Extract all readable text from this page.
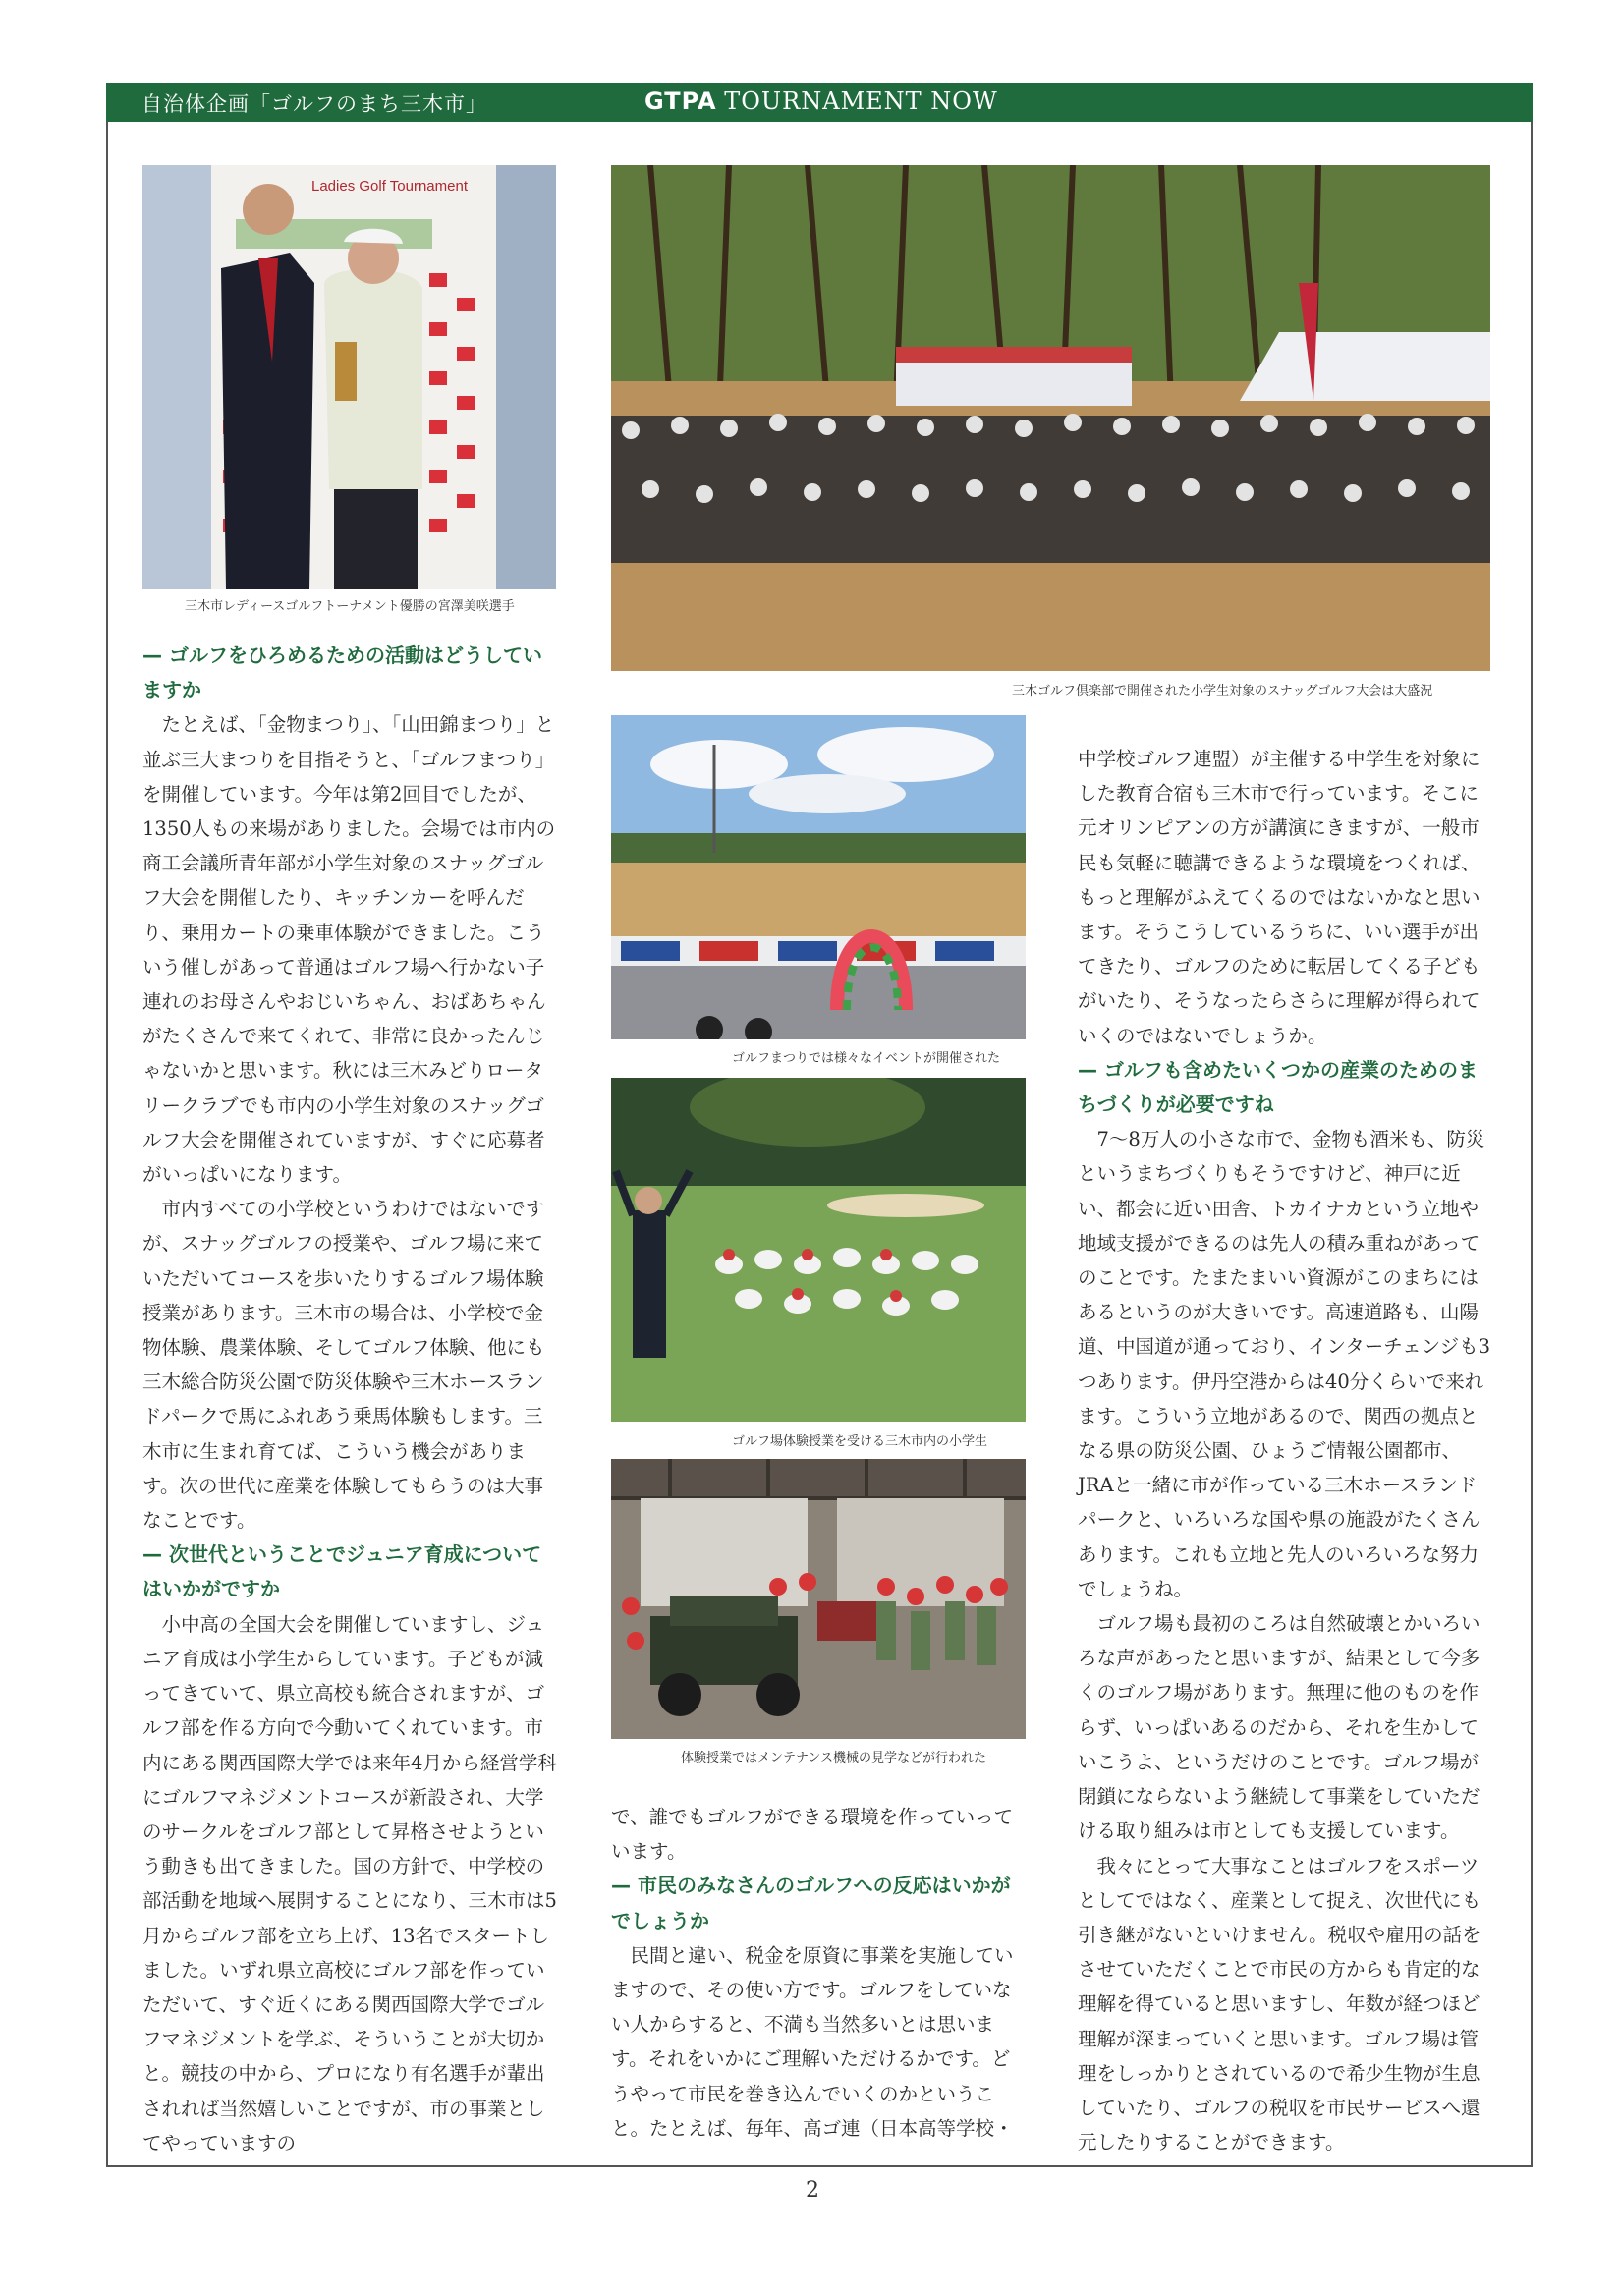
自治体企画「ゴルフのまち三木市」	GTPA TOURNAMENT NOW
Ladies Golf Tournament
三木市レディースゴルフトーナメント優勝の宮澤美咲選手
三木ゴルフ倶楽部で開催された小学生対象のスナッグゴルフ大会は大盛況
ゴルフまつりでは様々なイベントが開催された
ゴルフ場体験授業を受ける三木市内の小学生
体験授業ではメンテナンス機械の見学などが行われた
— ゴルフをひろめるための活動はどうしていますか

たとえば、「金物まつり」、「山田錦まつり」と並ぶ三大まつりを目指そうと、「ゴルフまつり」を開催しています。今年は第2回目でしたが、1350人もの来場がありました。会場では市内の商工会議所青年部が小学生対象のスナッグゴルフ大会を開催したり、キッチンカーを呼んだり、乗用カートの乗車体験ができました。こういう催しがあって普通はゴルフ場へ行かない子連れのお母さんやおじいちゃん、おばあちゃんがたくさんで来てくれて、非常に良かったんじゃないかと思います。秋には三木みどりロータリークラブでも市内の小学生対象のスナッグゴルフ大会を開催されていますが、すぐに応募者がいっぱいになります。

市内すべての小学校というわけではないですが、スナッグゴルフの授業や、ゴルフ場に来ていただいてコースを歩いたりするゴルフ場体験授業があります。三木市の場合は、小学校で金物体験、農業体験、そしてゴルフ体験、他にも三木総合防災公園で防災体験や三木ホースランドパークで馬にふれあう乗馬体験もします。三木市に生まれ育てば、こういう機会があります。次の世代に産業を体験してもらうのは大事なことです。

— 次世代ということでジュニア育成についてはいかがですか

小中高の全国大会を開催していますし、ジュニア育成は小学生からしています。子どもが減ってきていて、県立高校も統合されますが、ゴルフ部を作る方向で今動いてくれています。市内にある関西国際大学では来年4月から経営学科にゴルフマネジメントコースが新設され、大学のサークルをゴルフ部として昇格させようという動きも出てきました。国の方針で、中学校の部活動を地域へ展開することになり、三木市は5月からゴルフ部を立ち上げ、13名でスタートしました。いずれ県立高校にゴルフ部を作っていただいて、すぐ近くにある関西国際大学でゴルフマネジメントを学ぶ、そういうことが大切かと。競技の中から、プロになり有名選手が輩出されれば当然嬉しいことですが、市の事業としてやっていますの

で、誰でもゴルフができる環境を作っていっています。

— 市民のみなさんのゴルフへの反応はいかがでしょうか

民間と違い、税金を原資に事業を実施していますので、その使い方です。ゴルフをしていない人からすると、不満も当然多いとは思います。それをいかにご理解いただけるかです。どうやって市民を巻き込んでいくのかということ。たとえば、毎年、高ゴ連（日本高等学校・

中学校ゴルフ連盟）が主催する中学生を対象にした教育合宿も三木市で行っています。そこに元オリンピアンの方が講演にきますが、一般市民も気軽に聴講できるような環境をつくれば、もっと理解がふえてくるのではないかなと思います。そうこうしているうちに、いい選手が出てきたり、ゴルフのために転居してくる子どもがいたり、そうなったらさらに理解が得られていくのではないでしょうか。

— ゴルフも含めたいくつかの産業のためのまちづくりが必要ですね

7〜8万人の小さな市で、金物も酒米も、防災というまちづくりもそうですけど、神戸に近い、都会に近い田舎、トカイナカという立地や地域支援ができるのは先人の積み重ねがあってのことです。たまたまいい資源がこのまちにはあるというのが大きいです。高速道路も、山陽道、中国道が通っており、インターチェンジも3つあります。伊丹空港からは40分くらいで来れます。こういう立地があるので、関西の拠点となる県の防災公園、ひょうご情報公園都市、JRAと一緒に市が作っている三木ホースランドパークと、いろいろな国や県の施設がたくさんあります。これも立地と先人のいろいろな努力でしょうね。

ゴルフ場も最初のころは自然破壊とかいろいろな声があったと思いますが、結果として今多くのゴルフ場があります。無理に他のものを作らず、いっぱいあるのだから、それを生かしていこうよ、というだけのことです。ゴルフ場が閉鎖にならないよう継続して事業をしていただける取り組みは市としても支援しています。

我々にとって大事なことはゴルフをスポーツとしてではなく、産業として捉え、次世代にも引き継がないといけません。税収や雇用の話をさせていただくことで市民の方からも肯定的な理解を得ていると思いますし、年数が経つほど理解が深まっていくと思います。ゴルフ場は管理をしっかりとされているので希少生物が生息していたり、ゴルフの税収を市民サービスへ還元したりすることができます。

2
